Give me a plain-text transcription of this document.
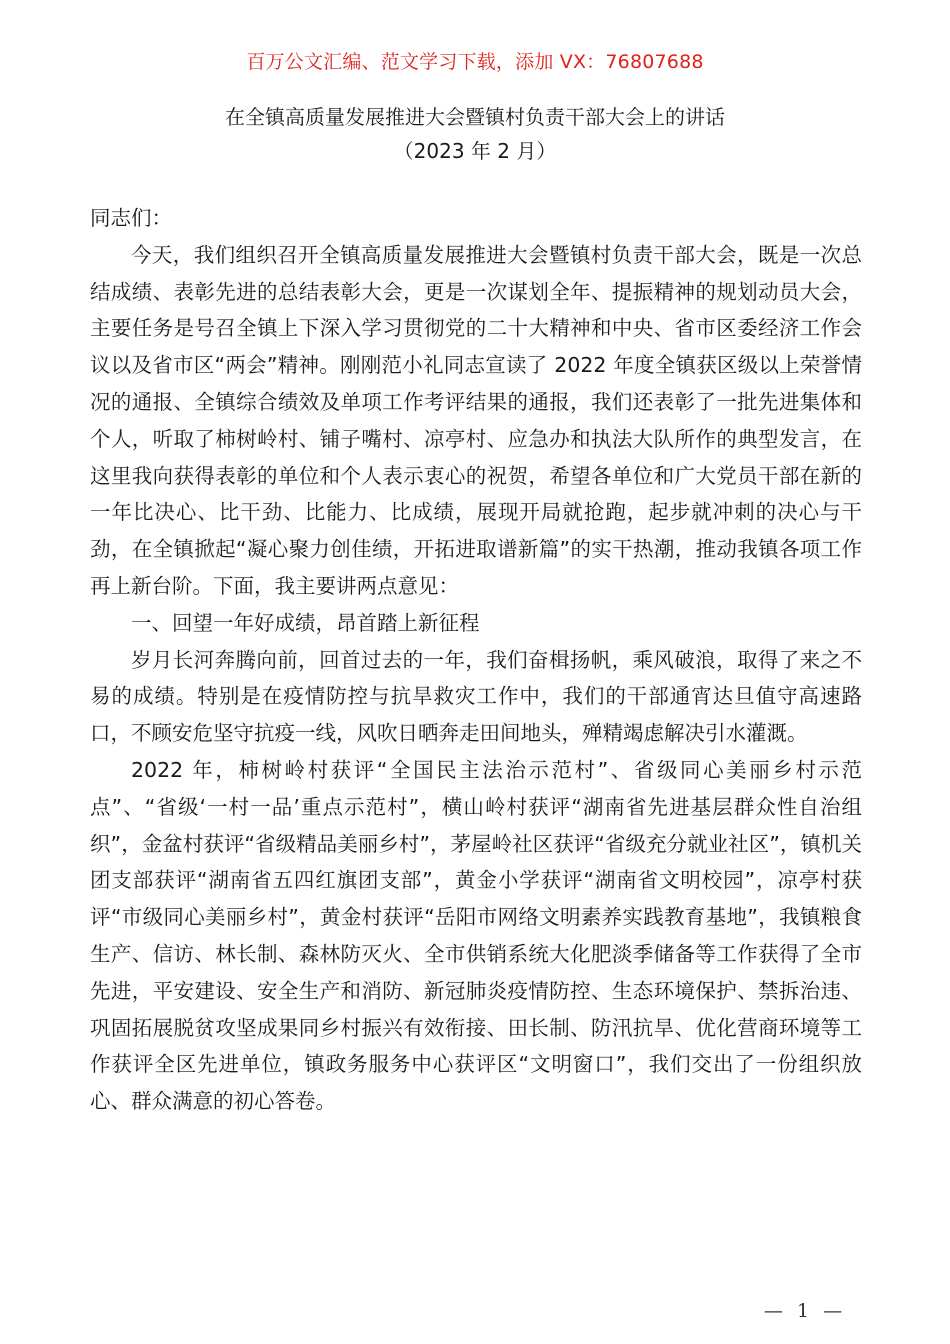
百万公文汇编、范文学习下载，添加 VX：76807688
在全镇高质量发展推进大会暨镇村负责干部大会上的讲话
（2023 年 2 月）

同志们：

今天，我们组织召开全镇高质量发展推进大会暨镇村负责干部大会，既是一次总结成绩、表彰先进的总结表彰大会，更是一次谋划全年、提振精神的规划动员大会，主要任务是号召全镇上下深入学习贯彻党的二十大精神和中央、省市区委经济工作会议以及省市区“两会”精神。刚刚范小礼同志宣读了 2022 年度全镇获区级以上荣誉情况的通报、全镇综合绩效及单项工作考评结果的通报，我们还表彰了一批先进集体和个人，听取了柿树岭村、铺子嘴村、凉亭村、应急办和执法大队所作的典型发言，在这里我向获得表彰的单位和个人表示衷心的祝贺，希望各单位和广大党员干部在新的一年比决心、比干劲、比能力、比成绩，展现开局就抢跑，起步就冲刺的决心与干劲，在全镇掀起“凝心聚力创佳绩，开拓进取谱新篇”的实干热潮，推动我镇各项工作再上新台阶。下面，我主要讲两点意见：

一、回望一年好成绩，昂首踏上新征程

岁月长河奔腾向前，回首过去的一年，我们奋楫扬帆，乘风破浪，取得了来之不易的成绩。特别是在疫情防控与抗旱救灾工作中，我们的干部通宵达旦值守高速路口，不顾安危坚守抗疫一线，风吹日晒奔走田间地头，殚精竭虑解决引水灌溉。

2022 年，柿树岭村获评“全国民主法治示范村”、省级同心美丽乡村示范点”、“省级‘一村一品’重点示范村”，横山岭村获评“湖南省先进基层群众性自治组织”，金盆村获评“省级精品美丽乡村”，茅屋岭社区获评“省级充分就业社区”，镇机关团支部获评“湖南省五四红旗团支部”，黄金小学获评“湖南省文明校园”，凉亭村获评“市级同心美丽乡村”，黄金村获评“岳阳市网络文明素养实践教育基地”，我镇粮食生产、信访、林长制、森林防灭火、全市供销系统大化肥淡季储备等工作获得了全市先进，平安建设、安全生产和消防、新冠肺炎疫情防控、生态环境保护、禁拆治违、巩固拓展脱贫攻坚成果同乡村振兴有效衔接、田长制、防汛抗旱、优化营商环境等工作获评全区先进单位，镇政务服务中心获评区“文明窗口”，我们交出了一份组织放心、群众满意的初心答卷。

— 1 —
